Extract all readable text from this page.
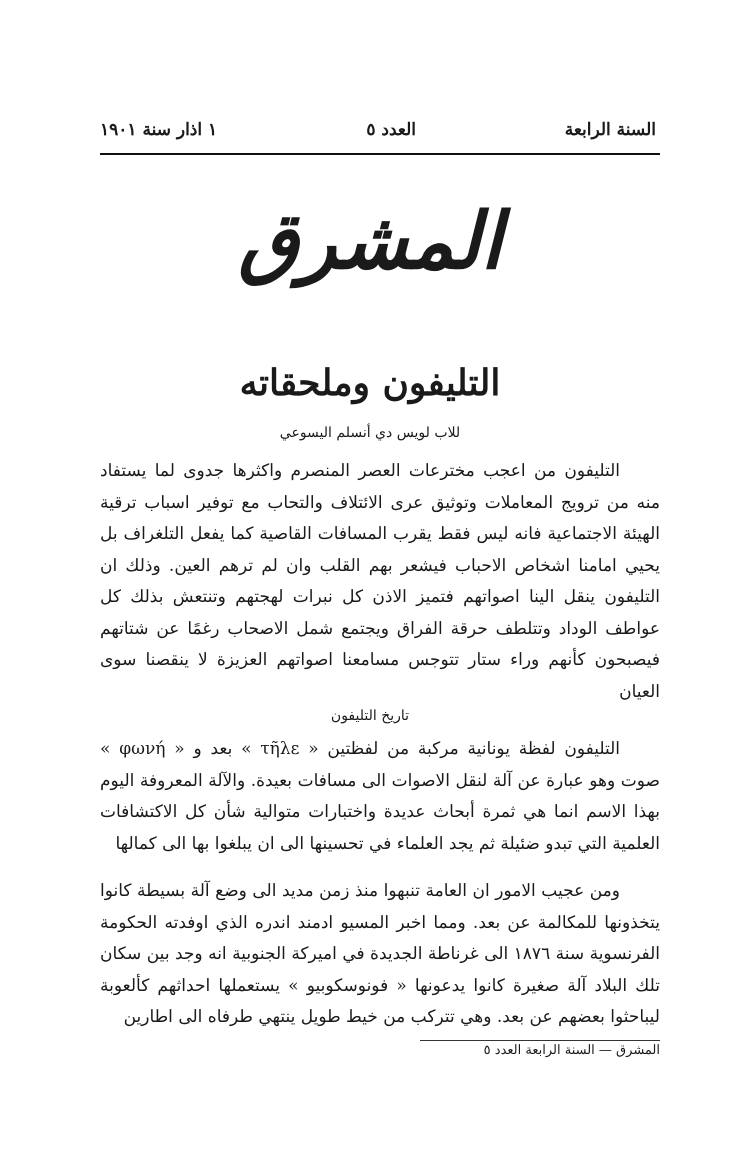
السنة الرابعة
العدد ٥
١ اذار سنة ١٩٠١
المشرق
التليفون وملحقاته
للاب لويس دي أنسلم اليسوعي

التليفون من اعجب مخترعات العصر المنصرم واكثرها جدوى لما يستفاد منه من ترويج المعاملات وتوثيق عرى الائتلاف والتحاب مع توفير اسباب ترقية الهيئة الاجتماعية فانه ليس فقط يقرب المسافات القاصية كما يفعل التلغراف بل يحيي امامنا اشخاص الاحباب فيشعر بهم القلب وان لم ترهم العين. وذلك ان التليفون ينقل الينا اصواتهم فتميز الاذن كل نبرات لهجتهم وتنتعش بذلك كل عواطف الوداد وتتلطف حرقة الفراق ويجتمع شمل الاصحاب رغمًا عن شتاتهم فيصبحون كأنهم وراء ستار تتوجس مسامعنا اصواتهم العزيزة لا ينقصنا سوى العيان

تاريخ التليفون

التليفون لفظة يونانية مركبة من لفظتين « τῆλε » بعد و « φωνή » صوت وهو عبارة عن آلة لنقل الاصوات الى مسافات بعيدة. والآلة المعروفة اليوم بهذا الاسم انما هي ثمرة أبحاث عديدة واختبارات متوالية شأن كل الاكتشافات العلمية التي تبدو ضئيلة ثم يجد العلماء في تحسينها الى ان يبلغوا بها الى كمالها

ومن عجيب الامور ان العامة تنبهوا منذ زمن مديد الى وضع آلة بسيطة كانوا يتخذونها للمكالمة عن بعد. ومما اخبر المسيو ادمند اندره الذي اوفدته الحكومة الفرنسوية سنة ١٨٧٦ الى غرناطة الجديدة في اميركة الجنوبية انه وجد بين سكان تلك البلاد آلة صغيرة كانوا يدعونها « فونوسكوبيو » يستعملها احداثهم كألعوبة ليباحثوا بعضهم عن بعد. وهي تتركب من خيط طويل ينتهي طرفاه الى اطارين

المشرق — السنة الرابعة العدد ٥
